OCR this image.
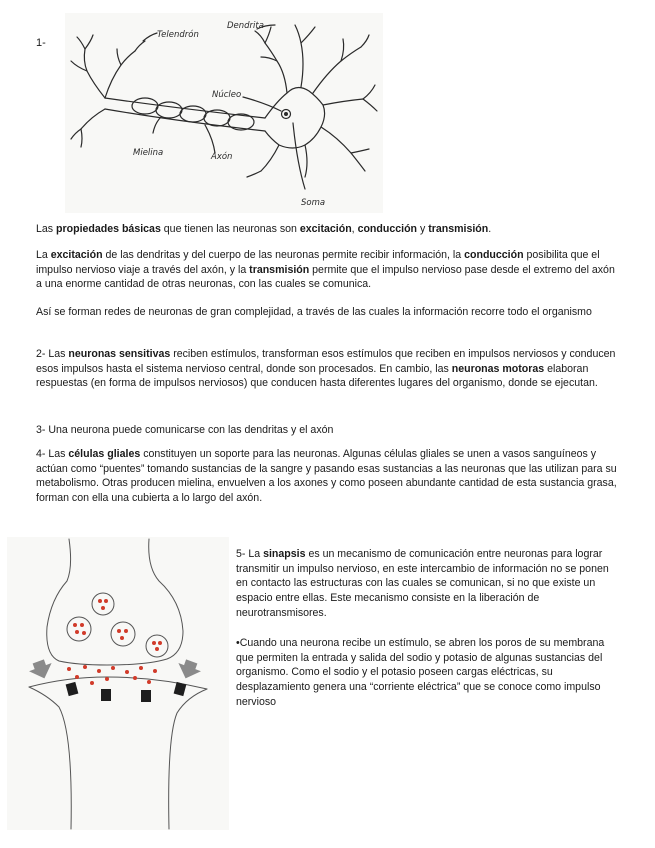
1-
Telendrón
Dendrita
Núcleo
Mielina	Axón
Soma

Las propiedades básicas que tienen las neuronas son excitación, conducción y transmisión.

La excitación de las dendritas y del cuerpo de las neuronas permite recibir información, la conducción posibilita que el impulso nervioso viaje a través del axón, y la transmisión permite que el impulso nervioso pase desde el extremo del axón a una enorme cantidad de otras neuronas, con las cuales se comunica.

Así se forman redes de neuronas de gran complejidad, a través de las cuales la información recorre todo el organismo

2- Las neuronas sensitivas reciben estímulos, transforman esos estímulos que reciben en impulsos nerviosos y conducen esos impulsos hasta el sistema nervioso central, donde son procesados. En cambio, las neuronas motoras elaboran respuestas (en forma de impulsos nerviosos) que conducen hasta diferentes lugares del organismo, donde se ejecutan.

3- Una neurona puede comunicarse con las dendritas y el axón

4- Las células gliales constituyen un soporte para las neuronas. Algunas células gliales se unen a vasos sanguíneos y actúan como “puentes” tomando sustancias de la sangre y pasando esas sustancias a las neuronas que las utilizan para su metabolismo. Otras producen mielina, envuelven a los axones y como poseen abundante cantidad de esta sustancia grasa, forman con ella una cubierta a lo largo del axón.

5- La sinapsis es un mecanismo de comunicación entre neuronas para lograr transmitir un impulso nervioso, en este intercambio de información no se ponen en contacto las estructuras con las cuales se comunican, si no que existe un espacio entre ellas. Este mecanismo consiste en la liberación de neurotransmisores.

•Cuando una neurona recibe un estímulo, se abren los poros de su membrana que permiten la entrada y salida del sodio y potasio de algunas sustancias del organismo. Como el sodio y el potasio poseen cargas eléctricas, su desplazamiento genera una “corriente eléctrica” que se conoce como impulso nervioso
